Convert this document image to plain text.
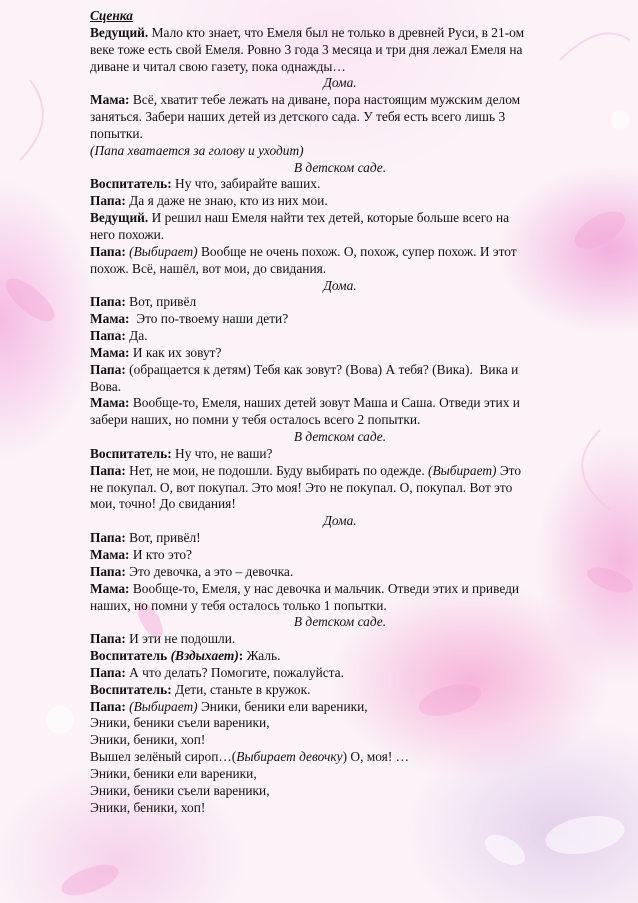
Сценка
Ведущий. Мало кто знает, что Емеля был не только в древней Руси, в 21-ом
веке тоже есть свой Емеля. Ровно 3 года 3 месяца и три дня лежал Емеля на
диване и читал свою газету, пока однажды…
Дома.
Мама: Всё, хватит тебе лежать на диване, пора настоящим мужским делом
заняться. Забери наших детей из детского сада. У тебя есть всего лишь 3
попытки.
(Папа хватается за голову и уходит)
В детском саде.
Воспитатель: Ну что, забирайте ваших.
Папа: Да я даже не знаю, кто из них мои.
Ведущий. И решил наш Емеля найти тех детей, которые больше всего на
него похожи.
Папа: (Выбирает) Вообще не очень похож. О, похож, супер похож. И этот
похож. Всё, нашёл, вот мои, до свидания.
Дома.
Папа: Вот, привёл
Мама:  Это по-твоему наши дети?
Папа: Да.
Мама: И как их зовут?
Папа: (обращается к детям) Тебя как зовут? (Вова) А тебя? (Вика).  Вика и
Вова.
Мама: Вообще-то, Емеля, наших детей зовут Маша и Саша. Отведи этих и
забери наших, но помни у тебя осталось всего 2 попытки.
В детском саде.
Воспитатель: Ну что, не ваши?
Папа: Нет, не мои, не подошли. Буду выбирать по одежде. (Выбирает) Это
не покупал. О, вот покупал. Это моя! Это не покупал. О, покупал. Вот это
мои, точно! До свидания!
Дома.
Папа: Вот, привёл!
Мама: И кто это?
Папа: Это девочка, а это – девочка.
Мама: Вообще-то, Емеля, у нас девочка и мальчик. Отведи этих и приведи
наших, но помни у тебя осталось только 1 попытки.
В детском саде.
Папа: И эти не подошли.
Воспитатель (Вздыхает): Жаль.
Папа: А что делать? Помогите, пожалуйста.
Воспитатель: Дети, станьте в кружок.
Папа: (Выбирает) Эники, беники ели вареники,
Эники, беники съели вареники,
Эники, беники, хоп!
Вышел зелёный сироп…(Выбирает девочку) О, моя! …
Эники, беники ели вареники,
Эники, беники съели вареники,
Эники, беники, хоп!
